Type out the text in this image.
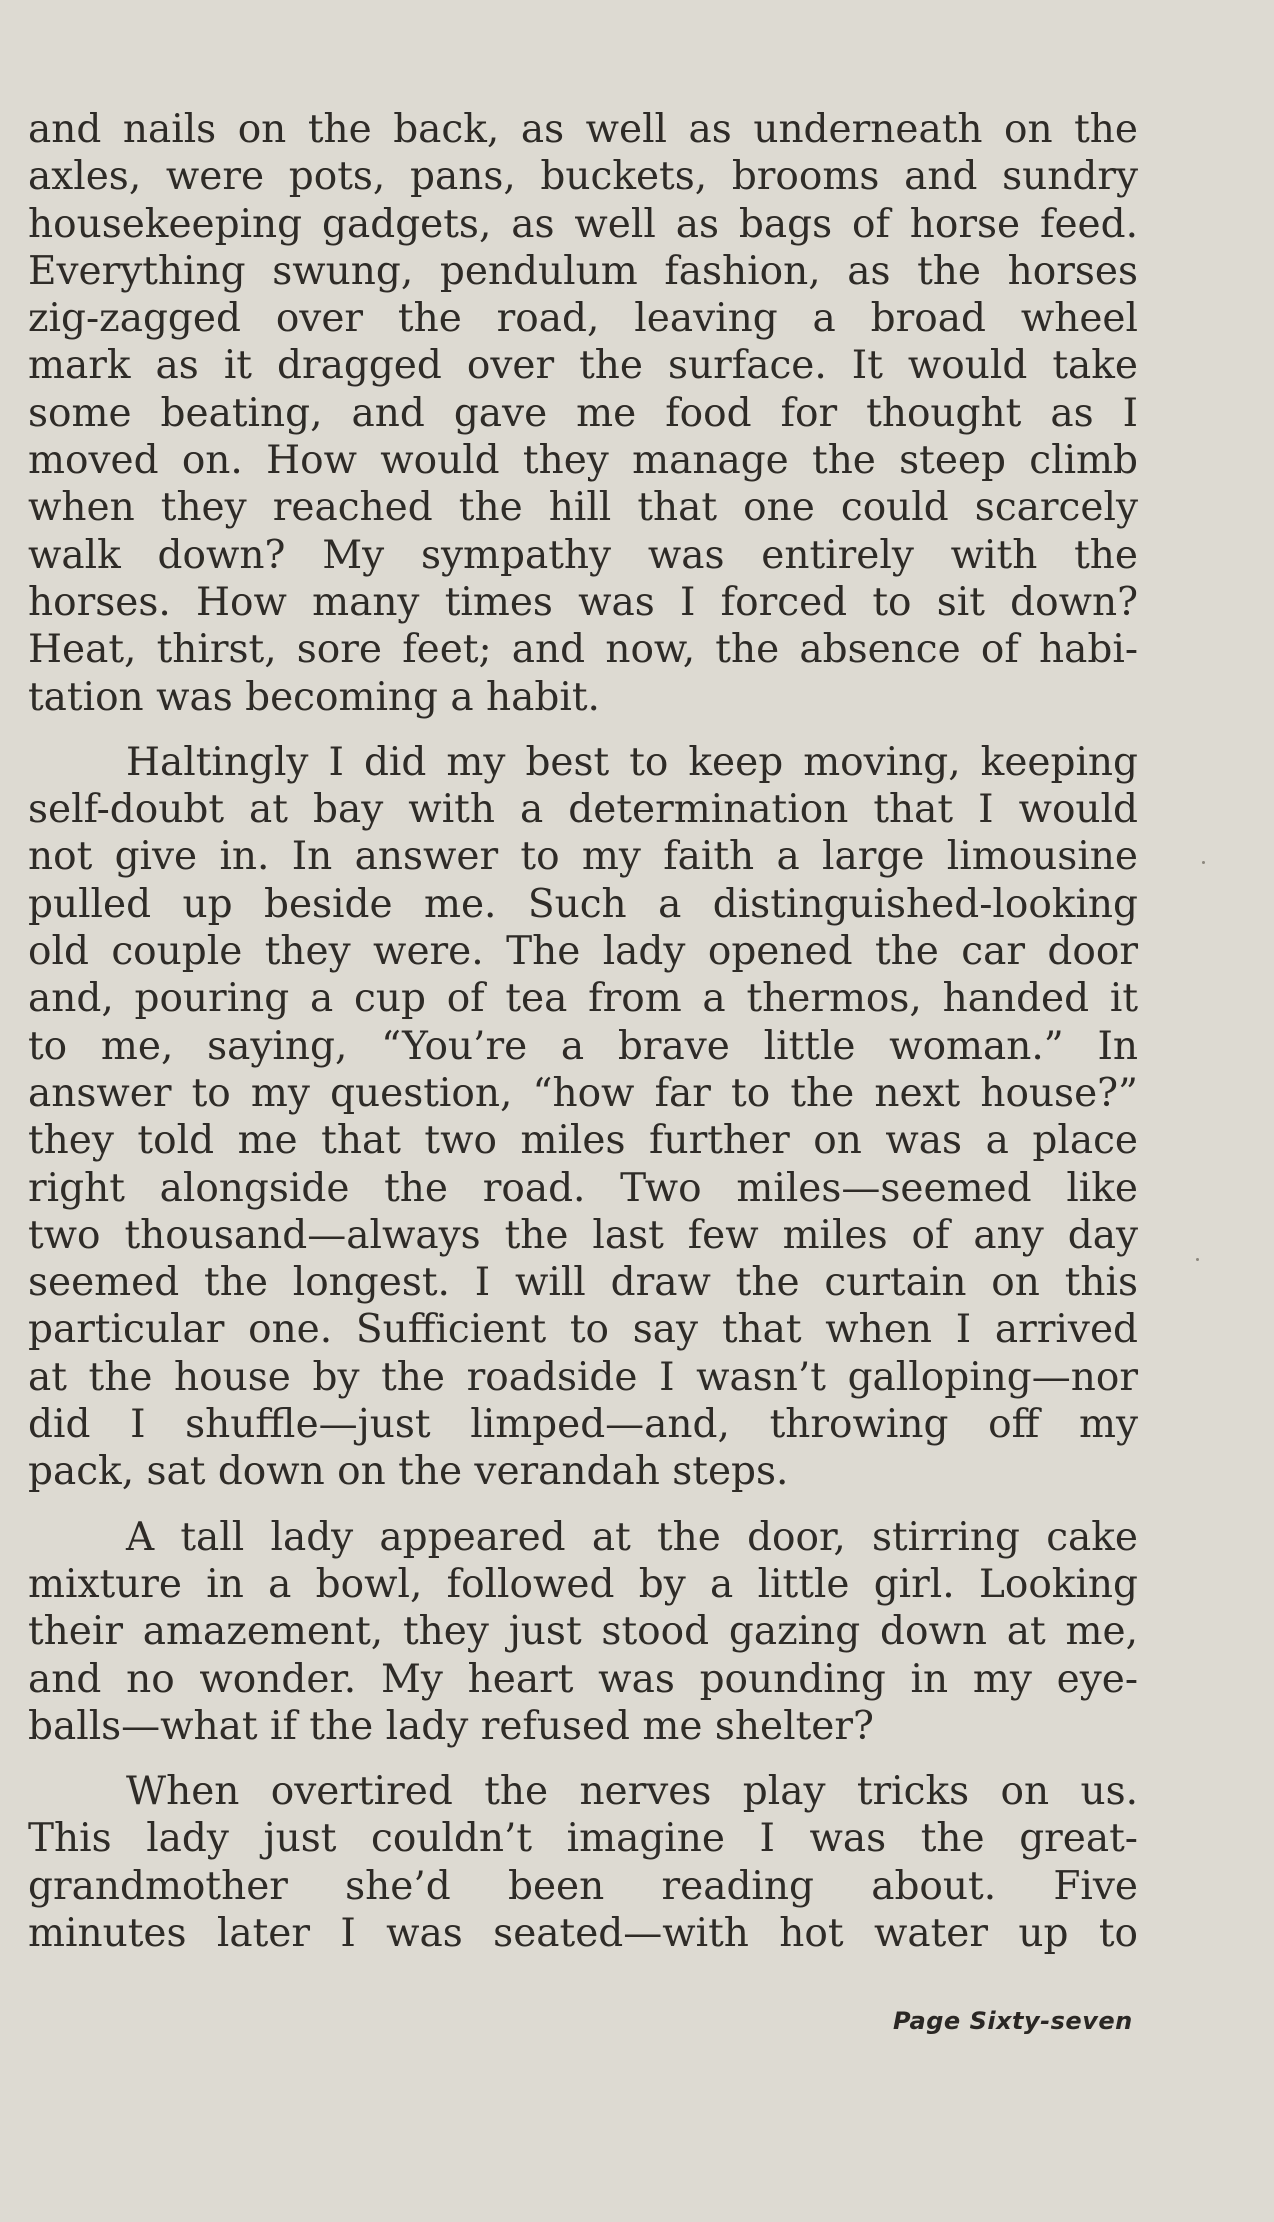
and nails on the back, as well as underneath on the
axles, were pots, pans, buckets, brooms and sundry
housekeeping gadgets, as well as bags of horse feed.
Everything swung, pendulum fashion, as the horses
zig-zagged over the road, leaving a broad wheel
mark as it dragged over the surface. It would take
some beating, and gave me food for thought as I
moved on. How would they manage the steep climb
when they reached the hill that one could scarcely
walk down? My sympathy was entirely with the
horses. How many times was I forced to sit down?
Heat, thirst, sore feet; and now, the absence of habi-
tation was becoming a habit.
Haltingly I did my best to keep moving, keeping
self-doubt at bay with a determination that I would
not give in. In answer to my faith a large limousine
pulled up beside me. Such a distinguished-looking
old couple they were. The lady opened the car door
and, pouring a cup of tea from a thermos, handed it
to me, saying, “You’re a brave little woman.” In
answer to my question, “how far to the next house?”
they told me that two miles further on was a place
right alongside the road. Two miles—seemed like
two thousand—always the last few miles of any day
seemed the longest. I will draw the curtain on this
particular one. Sufficient to say that when I arrived
at the house by the roadside I wasn’t galloping—nor
did I shuffle—just limped—and, throwing off my
pack, sat down on the verandah steps.
A tall lady appeared at the door, stirring cake
mixture in a bowl, followed by a little girl. Looking
their amazement, they just stood gazing down at me,
and no wonder. My heart was pounding in my eye-
balls—what if the lady refused me shelter?
When overtired the nerves play tricks on us.
This lady just couldn’t imagine I was the great-
grandmother she’d been reading about. Five
minutes later I was seated—with hot water up to
Page Sixty-seven
